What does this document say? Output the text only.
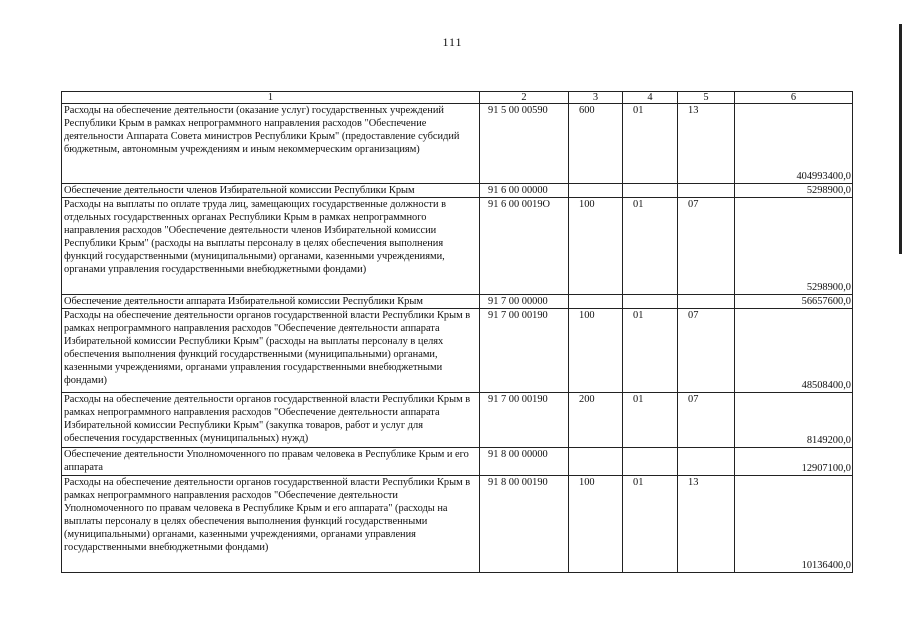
111
1	2	3	4	5	6
Расходы на обеспечение деятельности (оказание услуг) государственных учреждений Республики Крым в рамках непрограммного направления расходов "Обеспечение деятельности Аппарата Совета министров Республики Крым" (предоставление субсидий бюджетным, автономным учреждениям и иным некоммерческим организациям)	91 5 00 00590	600	01	13	404993400,0
Обеспечение деятельности членов Избирательной комиссии Республики Крым	91 6 00 00000				5298900,0
Расходы на выплаты по оплате труда лиц, замещающих государственные должности в отдельных государственных органах Республики Крым в рамках непрограммного направления расходов "Обеспечение деятельности членов Избирательной комиссии Республики Крым" (расходы на выплаты персоналу в целях обеспечения выполнения функций государственными (муниципальными) органами, казенными учреждениями, органами управления государственными внебюджетными фондами)	91 6 00 0019О	100	01	07	5298900,0
Обеспечение деятельности аппарата Избирательной комиссии Республики Крым	91 7 00 00000				56657600,0
Расходы на обеспечение деятельности органов государственной власти Республики Крым в рамках непрограммного направления расходов "Обеспечение деятельности аппарата Избирательной комиссии Республики Крым" (расходы на выплаты персоналу в целях обеспечения выполнения функций государственными (муниципальными) органами, казенными учреждениями, органами управления государственными внебюджетными фондами)	91 7 00 00190	100	01	07	48508400,0
Расходы на обеспечение деятельности органов государственной власти Республики Крым в рамках непрограммного направления расходов "Обеспечение деятельности аппарата Избирательной комиссии Республики Крым" (закупка товаров, работ и услуг для обеспечения государственных (муниципальных) нужд)	91 7 00 00190	200	01	07	8149200,0
Обеспечение деятельности Уполномоченного по правам человека в Республике Крым и его аппарата	91 8 00 00000				12907100,0
Расходы на обеспечение деятельности органов государственной власти Республики Крым в рамках непрограммного направления расходов "Обеспечение деятельности Уполномоченного по правам человека в Республике Крым и его аппарата" (расходы на выплаты персоналу в целях обеспечения выполнения функций государственными (муниципальными) органами, казенными учреждениями, органами управления государственными внебюджетными фондами)	91 8 00 00190	100	01	13	10136400,0
